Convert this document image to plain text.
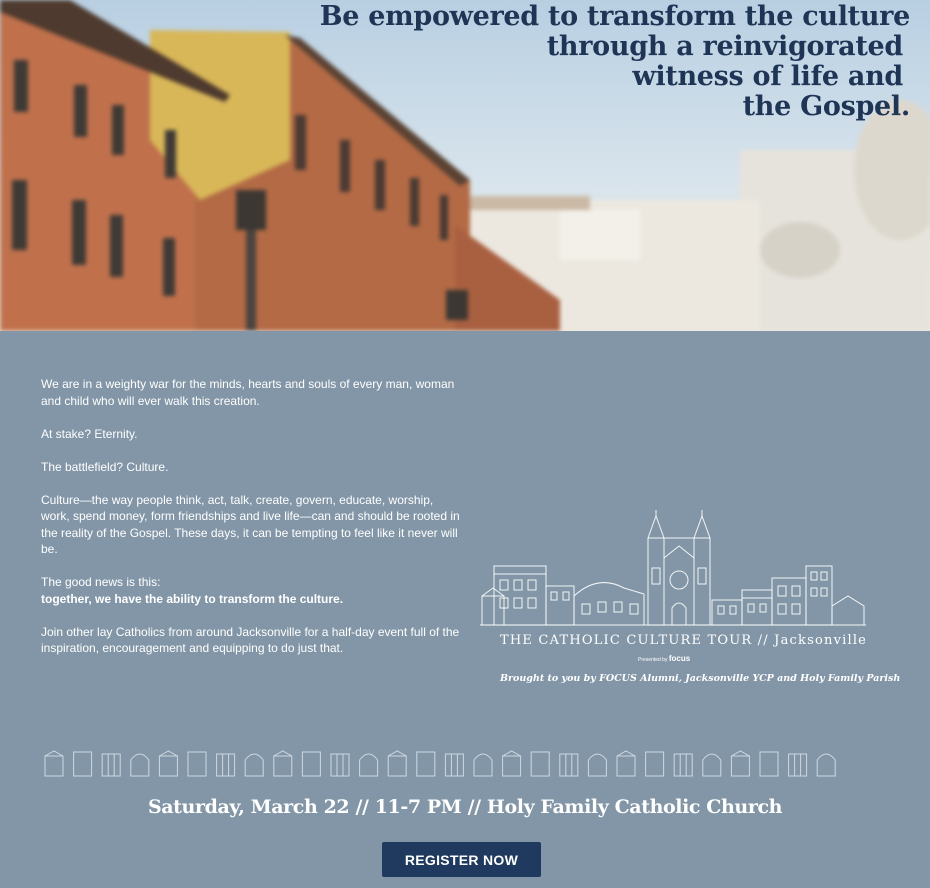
Be empowered to transform the culture
through a reinvigorated
witness of life and
the Gospel.

We are in a weighty war for the minds, hearts and souls of every man, woman and child who will ever walk this creation.

At stake? Eternity.

The battlefield? Culture.

Culture—the way people think, act, talk, create, govern, educate, worship, work, spend money, form friendships and live life—can and should be rooted in the reality of the Gospel. These days, it can be tempting to feel like it never will be.

The good news is this:
together, we have the ability to transform the culture.

Join other lay Catholics from around Jacksonville for a half-day event full of the inspiration, encouragement and equipping to do just that.	THE CATHOLIC CULTURE TOUR // Jacksonville
Presented by focus
Brought to you by FOCUS Alumni, Jacksonville YCP and Holy Family Parish
Saturday, March 22 // 11-7 PM // Holy Family Catholic Church
REGISTER NOW
